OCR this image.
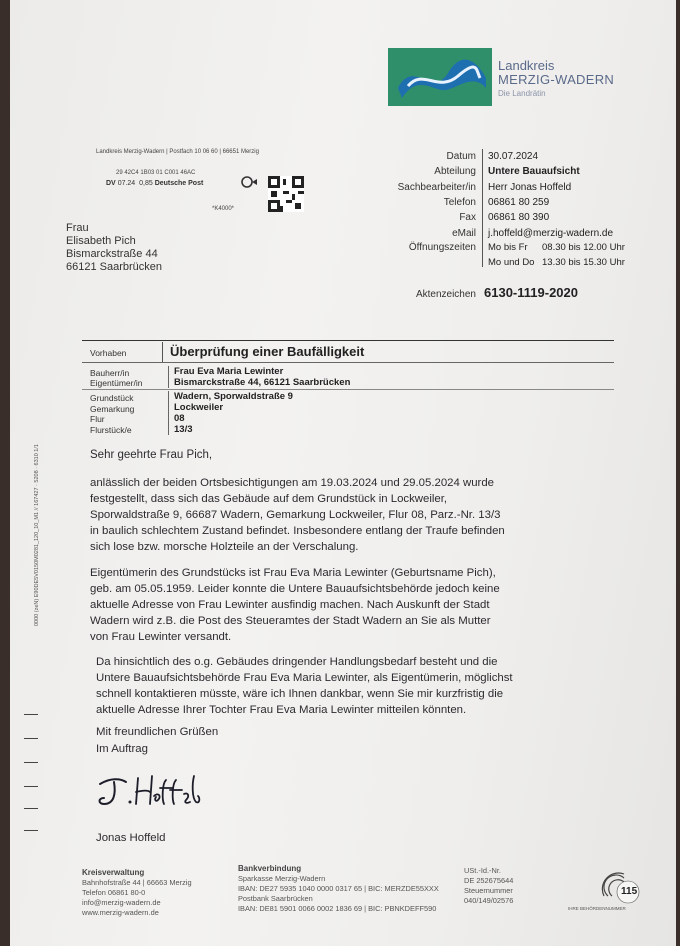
Landkreis
MERZIG-WADERN
Die Landrätin
Landkreis Merzig-Wadern | Postfach 10 06 60 | 66651 Merzig
29 42C4 1B03 01 C001 46AC
DV 07.24 0,85 Deutsche Post
*K4000*
Frau
Elisabeth Pich
Bismarckstraße 44
66121 Saarbrücken
Datum 30.07.2024
Abteilung Untere Bauaufsicht
Sachbearbeiter/in Herr Jonas Hoffeld
Telefon 06861 80 259
Fax 06861 80 390
eMail j.hoffeld@merzig-wadern.de
Öffnungszeiten Mo bis Fr 08.30 bis 12.00 Uhr
Mo und Do 13.30 bis 15.30 Uhr
Aktenzeichen 6130-1119-2020
0000 (zeN) E90DE5V0150M0281_120_10_M1 // 167427 · 5208 · 6310 1/1
Vorhaben	Überprüfung einer Baufälligkeit
Bauherr/in
Eigentümer/in
Frau Eva Maria Lewinter
Bismarckstraße 44, 66121 Saarbrücken
Grundstück
Gemarkung
Flur
Flurstück/e
Wadern, Sporwaldstraße 9
Lockweiler
08
13/3
Sehr geehrte Frau Pich,
anlässlich der beiden Ortsbesichtigungen am 19.03.2024 und 29.05.2024 wurde
festgestellt, dass sich das Gebäude auf dem Grundstück in Lockweiler,
Sporwaldstraße 9, 66687 Wadern, Gemarkung Lockweiler, Flur 08, Parz.-Nr. 13/3
in baulich schlechtem Zustand befindet. Insbesondere entlang der Traufe befinden
sich lose bzw. morsche Holzteile an der Verschalung.
Eigentümerin des Grundstücks ist Frau Eva Maria Lewinter (Geburtsname Pich),
geb. am 05.05.1959. Leider konnte die Untere Bauaufsichtsbehörde jedoch keine
aktuelle Adresse von Frau Lewinter ausfindig machen. Nach Auskunft der Stadt
Wadern wird z.B. die Post des Steueramtes der Stadt Wadern an Sie als Mutter
von Frau Lewinter versandt.
Da hinsichtlich des o.g. Gebäudes dringender Handlungsbedarf besteht und die
Untere Bauaufsichtsbehörde Frau Eva Maria Lewinter, als Eigentümerin, möglichst
schnell kontaktieren müsste, wäre ich Ihnen dankbar, wenn Sie mir kurzfristig die
aktuelle Adresse Ihrer Tochter Frau Eva Maria Lewinter mitteilen könnten.
Mit freundlichen Grüßen
Im Auftrag
Jonas Hoffeld
Kreisverwaltung
Bahnhofstraße 44 | 66663 Merzig
Telefon 06861 80-0
info@merzig-wadern.de
www.merzig-wadern.de
Bankverbindung
Sparkasse Merzig-Wadern
IBAN: DE27 5935 1040 0000 0317 65 | BIC: MERZDE55XXX
Postbank Saarbrücken
IBAN: DE81 5901 0066 0002 1836 69 | BIC: PBNKDEFF590
USt.-Id.-Nr.
DE 252675644
Steuernummer
040/149/02576
115
IHRE BEHÖRDENNUMMER
